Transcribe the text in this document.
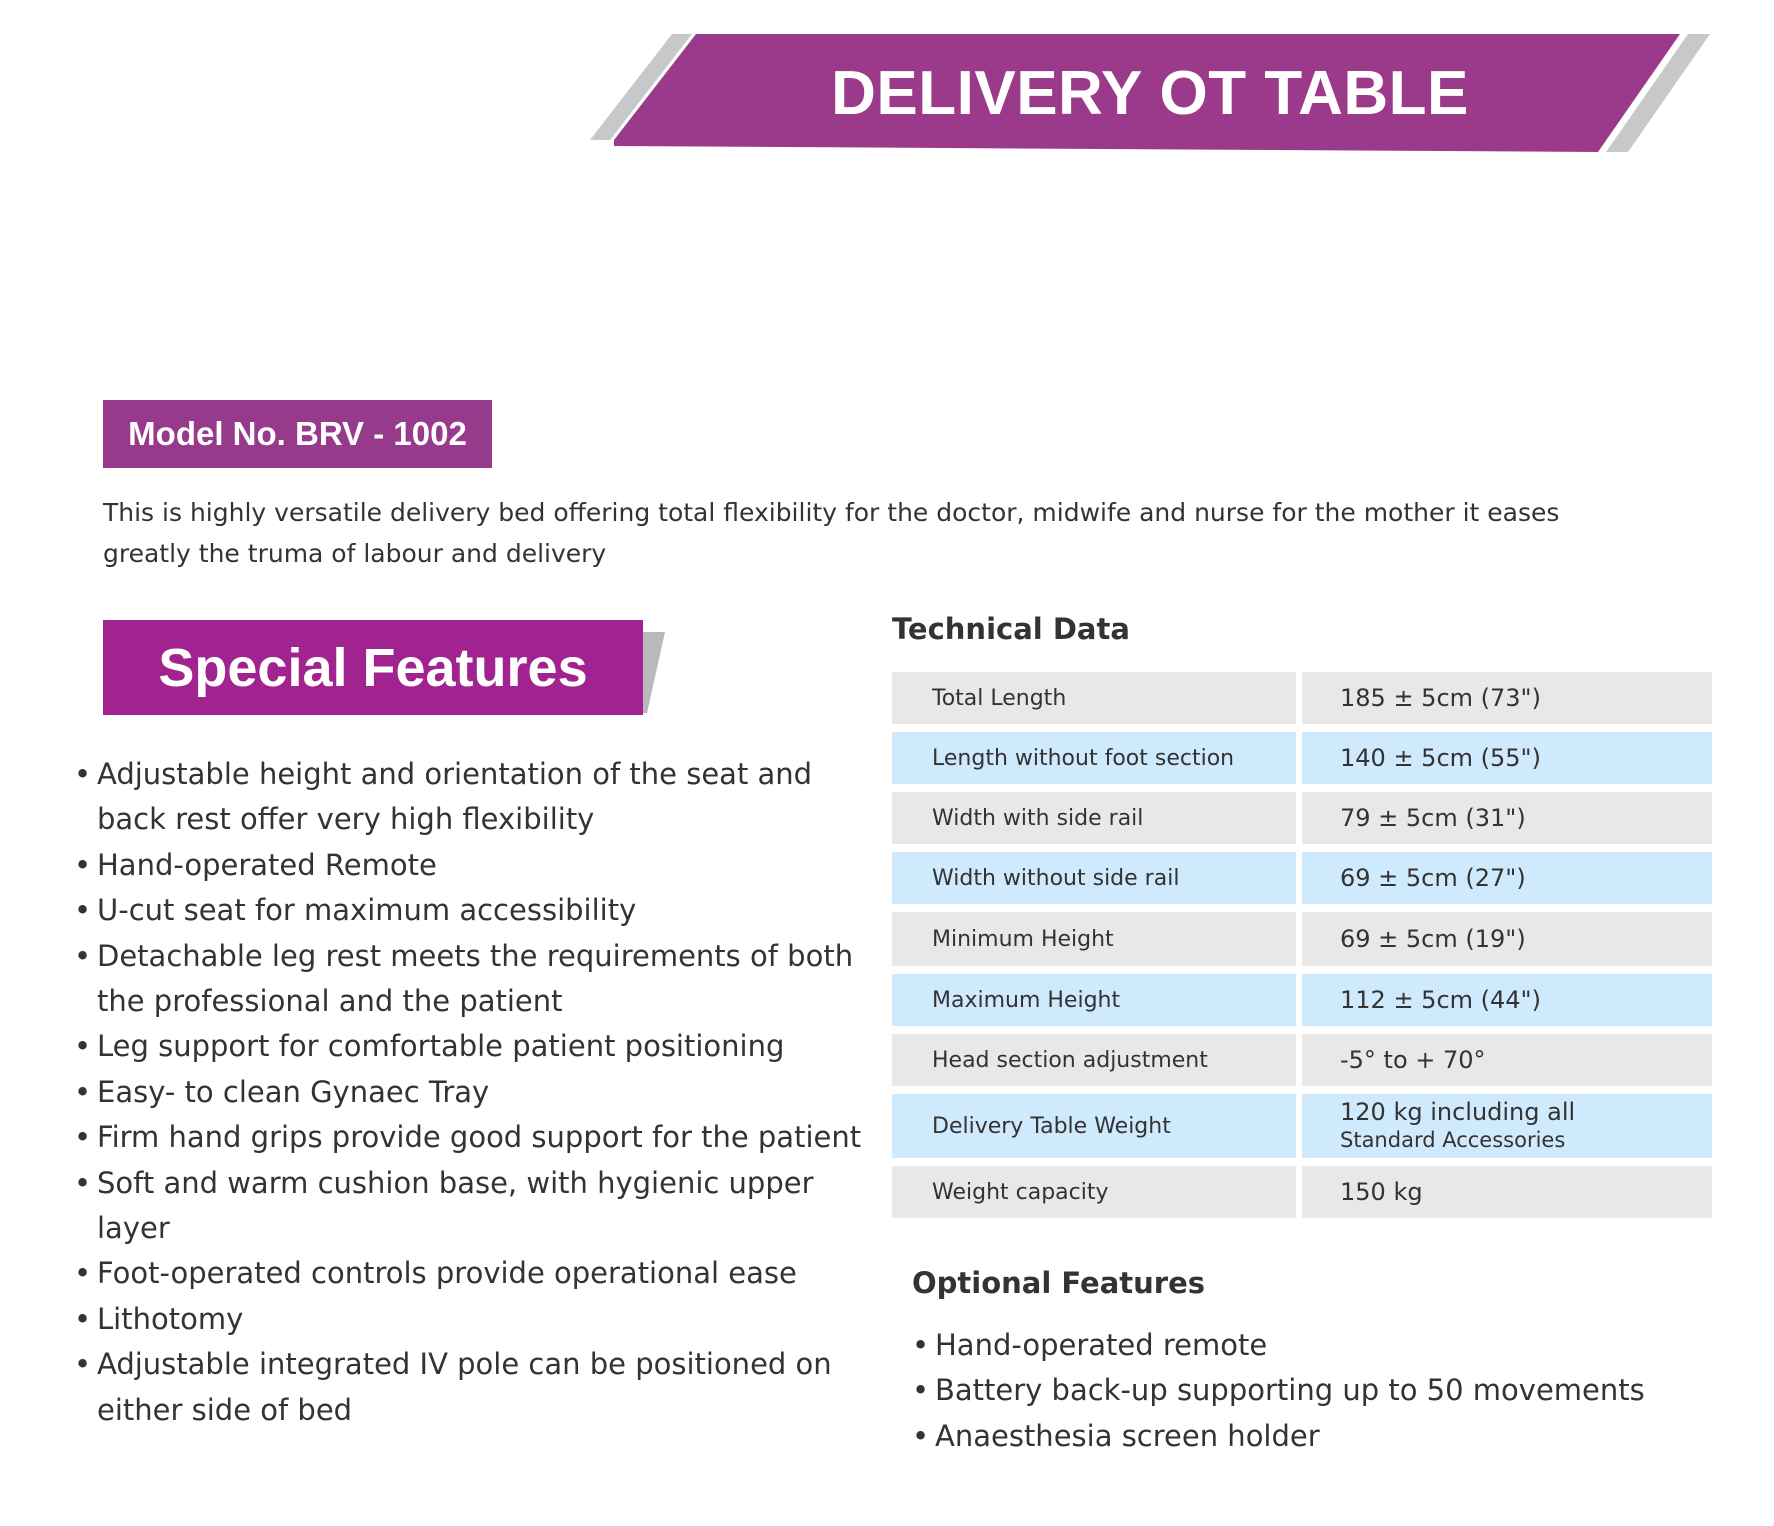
DELIVERY OT TABLE
Model No. BRV - 1002

This is highly versatile delivery bed offering total flexibility for the doctor, midwife and nurse for the mother it eases greatly the truma of labour and delivery

Special Features
• Adjustable height and orientation of the seat and back rest offer very high flexibility
• Hand-operated Remote
• U-cut seat for maximum accessibility
• Detachable leg rest meets the requirements of both the professional and the patient
• Leg support for comfortable patient positioning
• Easy- to clean Gynaec Tray
• Firm hand grips provide good support for the patient
• Soft and warm cushion base, with hygienic upper layer
• Foot-operated controls provide operational ease
• Lithotomy
• Adjustable integrated IV pole can be positioned on either side of bed
Technical Data
Total Length	185 ± 5cm (73")
Length without foot section	140 ± 5cm (55")
Width with side rail	79 ± 5cm (31")
Width without side rail	69 ± 5cm (27")
Minimum Height	69 ± 5cm (19")
Maximum Height	112 ± 5cm (44")
Head section adjustment	-5° to + 70°
Delivery Table Weight	120 kg including all
Standard Accessories
Weight capacity	150 kg
Optional Features
• Hand-operated remote
• Battery back-up supporting up to 50 movements
• Anaesthesia screen holder
